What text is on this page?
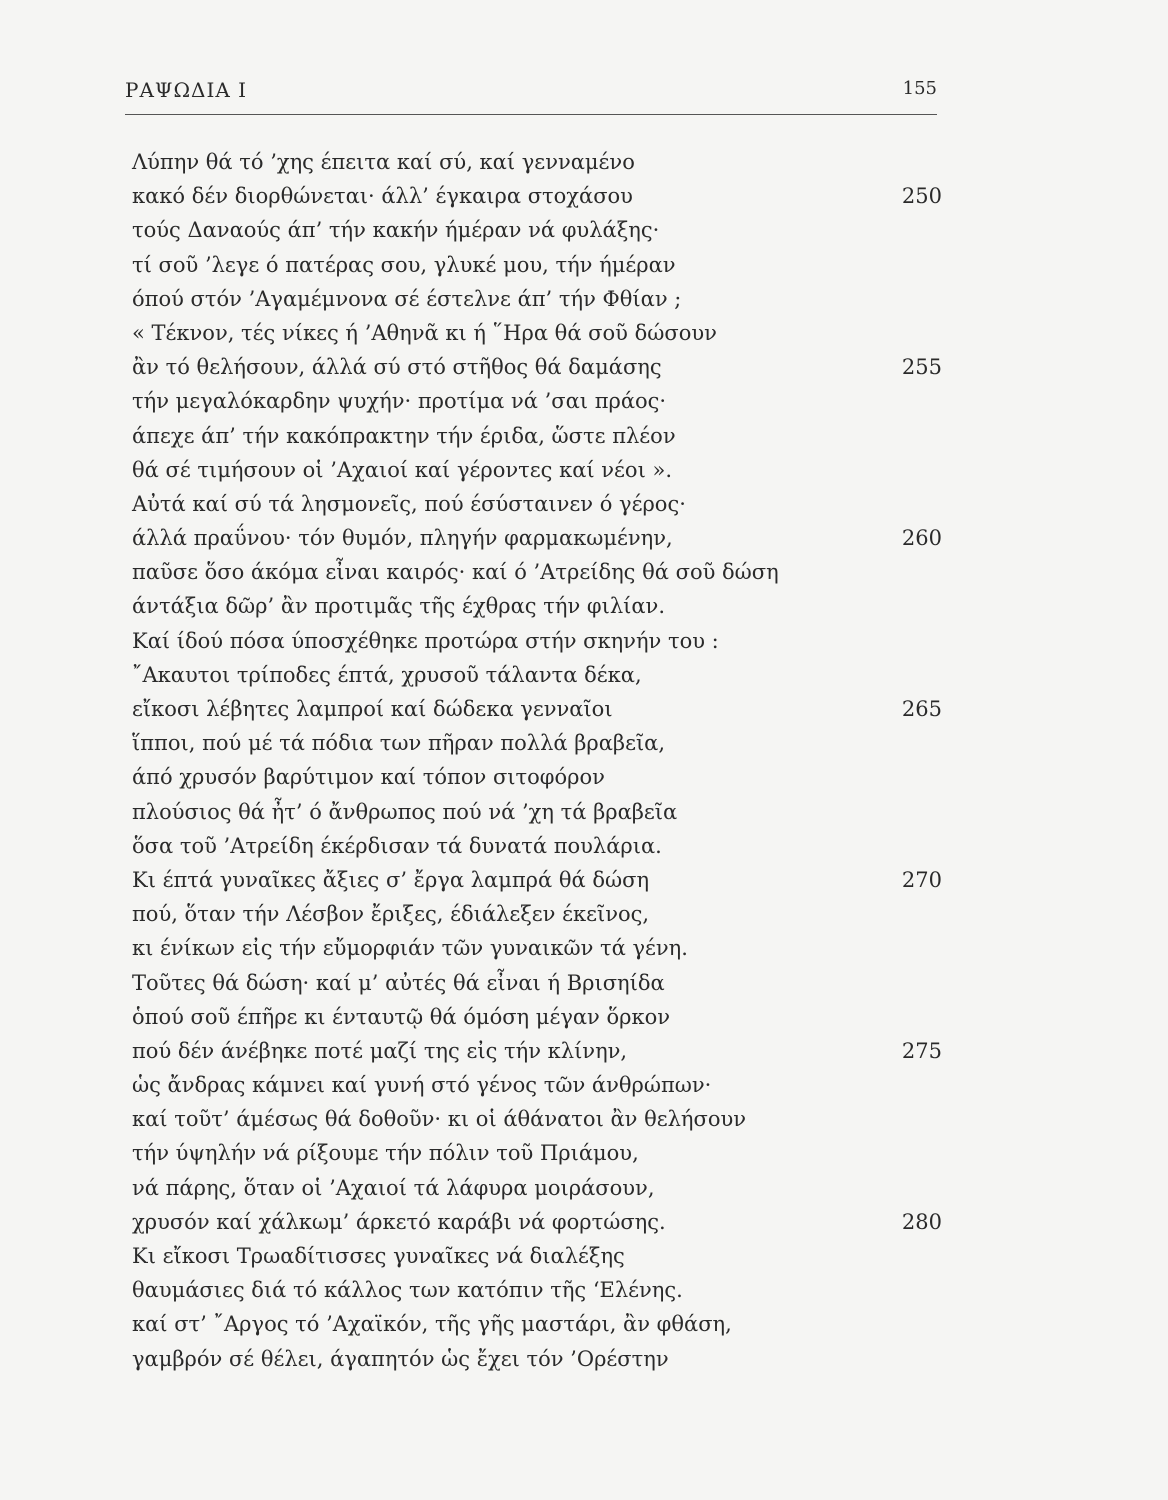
ΡΑΨΩΔΙΑ Ι	155
Λύπην θά τό ’χης έπειτα καί σύ, καί γενναμένο
κακό δέν διορθώνεται· άλλ’ έγκαιρα στοχάσου	250
τούς Δαναούς άπ’ τήν κακήν ήμέραν νά φυλάξης·
τί σοῦ ’λεγε ό πατέρας σου, γλυκέ μου, τήν ήμέραν
όπού στόν ’Αγαμέμνονα σέ έστελνε άπ’ τήν Φθίαν ;
« Τέκνον, τές νίκες ή ’Αθηνᾶ κι ή ῞Ηρα θά σοῦ δώσουν
ἂν τό θελήσουν, άλλά σύ στό στῆθος θά δαμάσης	255
τήν μεγαλόκαρδην ψυχήν· προτίμα νά ’σαι πράος·
άπεχε άπ’ τήν κακόπρακτην τήν έριδα, ὥστε πλέον
θά σέ τιμήσουν οἱ ’Αχαιοί καί γέροντες καί νέοι ».
Αὐτά καί σύ τά λησμονεῖς, πού έσύσταινεν ό γέρος·
άλλά πραΰνου· τόν θυμόν, πληγήν φαρμακωμένην,	260
παῦσε ὅσο άκόμα εἶναι καιρός· καί ό ’Ατρείδης θά σοῦ δώση
άντάξια δῶρ’ ἂν προτιμᾶς τῆς έχθρας τήν φιλίαν.
Καί ίδού πόσα ύποσχέθηκε προτώρα στήν σκηνήν του :
῎Ακαυτοι τρίποδες έπτά, χρυσοῦ τάλαντα δέκα,
εἴκοσι λέβητες λαμπροί καί δώδεκα γενναῖοι	265
ἵπποι, πού μέ τά πόδια των πῆραν πολλά βραβεῖα,
άπό χρυσόν βαρύτιμον καί τόπον σιτοφόρον
πλούσιος θά ἦτ’ ό ἄνθρωπος πού νά ’χη τά βραβεῖα
ὅσα τοῦ ’Ατρείδη έκέρδισαν τά δυνατά πουλάρια.
Κι έπτά γυναῖκες ἄξιες σ’ ἔργα λαμπρά θά δώση	270
πού, ὅταν τήν Λέσβον ἔριξες, έδιάλεξεν έκεῖνος,
κι ένίκων εἰς τήν εὔμορφιάν τῶν γυναικῶν τά γένη.
Τοῦτες θά δώση· καί μ’ αὐτές θά εἶναι ή Βρισηίδα
ὁπού σοῦ έπῆρε κι ένταυτῷ θά όμόση μέγαν ὅρκον
πού δέν άνέβηκε ποτέ μαζί της εἰς τήν κλίνην,	275
ὡς ἄνδρας κάμνει καί γυνή στό γένος τῶν άνθρώπων·
καί τοῦτ’ άμέσως θά δοθοῦν· κι οἱ άθάνατοι ἂν θελήσουν
τήν ύψηλήν νά ρίξουμε τήν πόλιν τοῦ Πριάμου,
νά πάρης, ὅταν οἱ ’Αχαιοί τά λάφυρα μοιράσουν,
χρυσόν καί χάλκωμ’ άρκετό καράβι νά φορτώσης.	280
Κι εἴκοσι Τρωαδίτισσες γυναῖκες νά διαλέξης
θαυμάσιες διά τό κάλλος των κατόπιν τῆς ‘Ελένης.
καί στ’ ῎Αργος τό ’Αχαϊκόν, τῆς γῆς μαστάρι, ἂν φθάση,
γαμβρόν σέ θέλει, άγαπητόν ὡς ἔχει τόν ’Ορέστην
